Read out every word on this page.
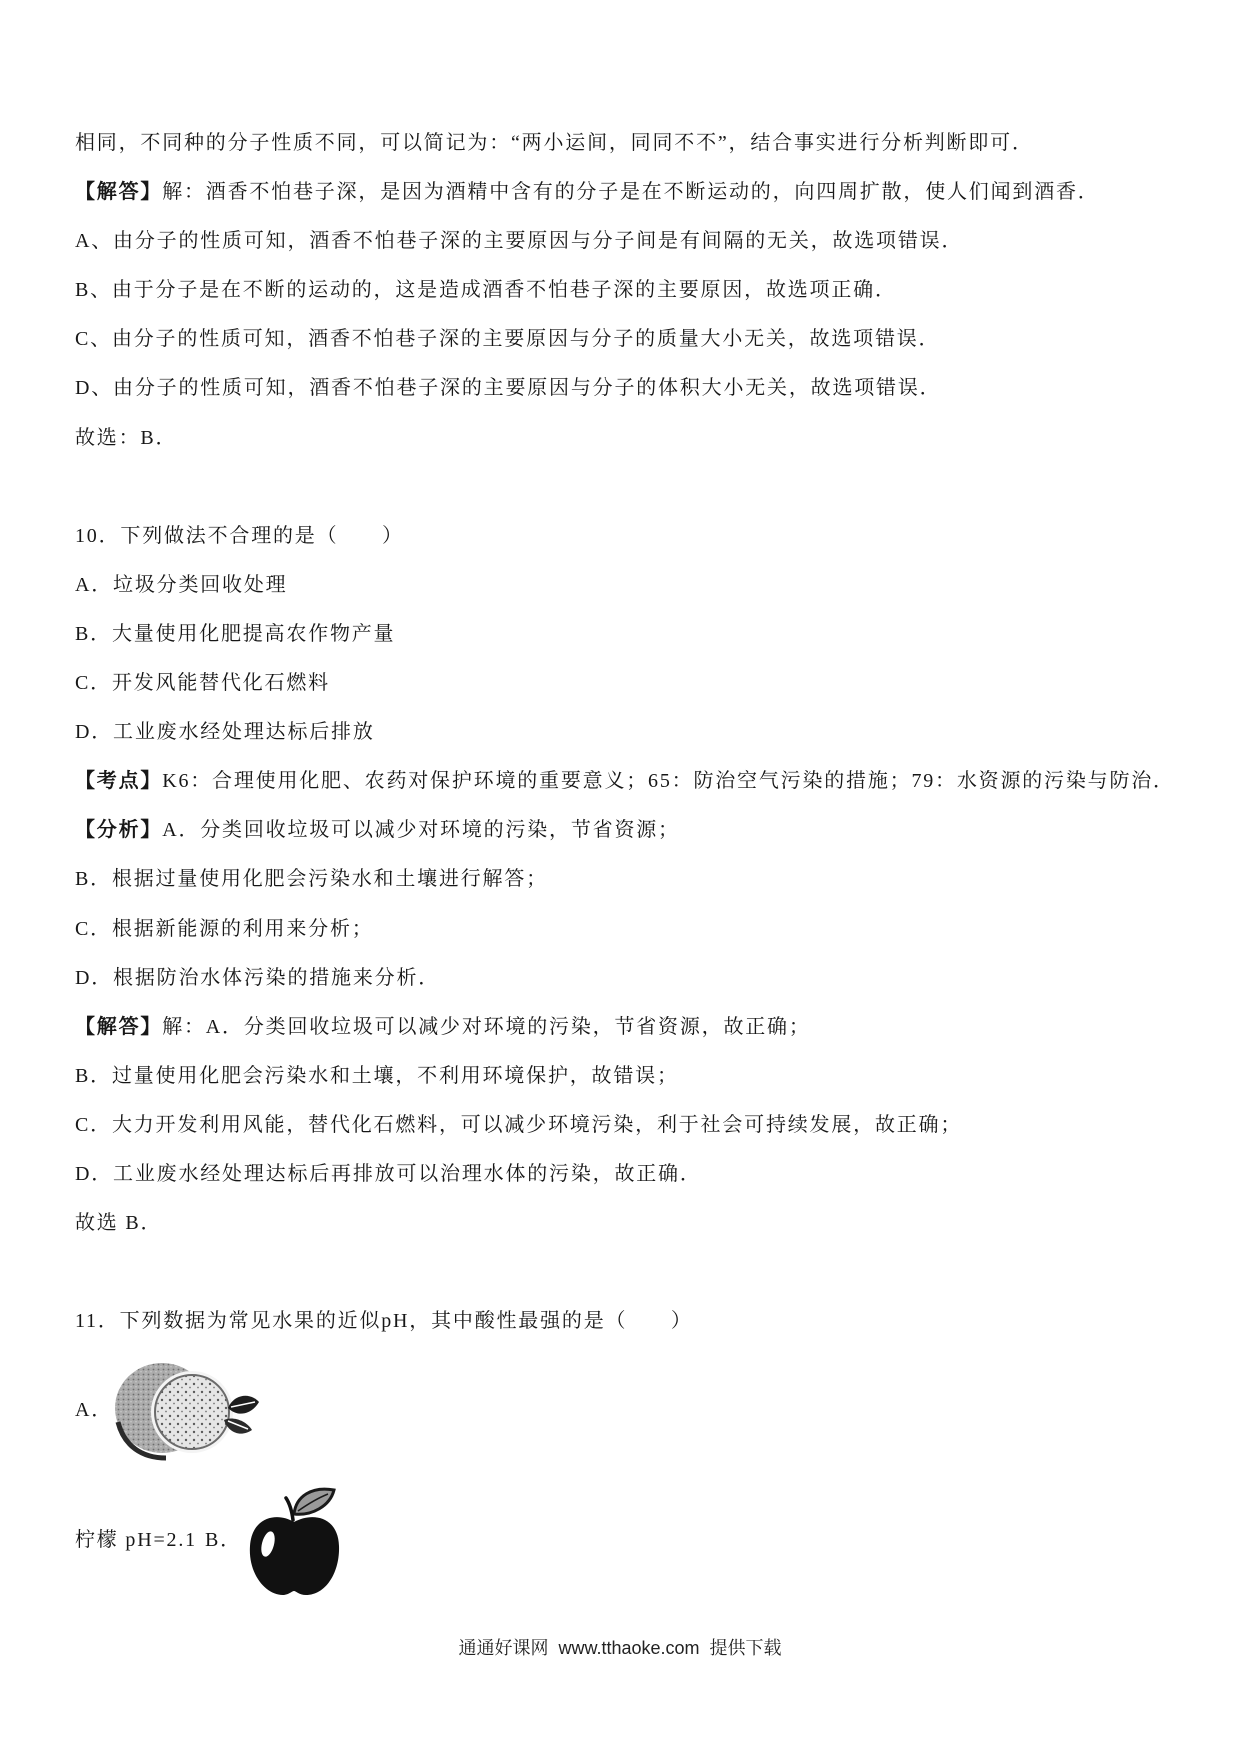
相同，不同种的分子性质不同，可以简记为：“两小运间，同同不不”，结合事实进行分析判断即可．
【解答】解：酒香不怕巷子深，是因为酒精中含有的分子是在不断运动的，向四周扩散，使人们闻到酒香．
A、由分子的性质可知，酒香不怕巷子深的主要原因与分子间是有间隔的无关，故选项错误．
B、由于分子是在不断的运动的，这是造成酒香不怕巷子深的主要原因，故选项正确．
C、由分子的性质可知，酒香不怕巷子深的主要原因与分子的质量大小无关，故选项错误．
D、由分子的性质可知，酒香不怕巷子深的主要原因与分子的体积大小无关，故选项错误．
故选：B．
10．下列做法不合理的是（　　）
A．垃圾分类回收处理
B．大量使用化肥提高农作物产量
C．开发风能替代化石燃料
D．工业废水经处理达标后排放
【考点】K6：合理使用化肥、农药对保护环境的重要意义；65：防治空气污染的措施；79：水资源的污染与防治．
【分析】A．分类回收垃圾可以减少对环境的污染，节省资源；
B．根据过量使用化肥会污染水和土壤进行解答；
C．根据新能源的利用来分析；
D．根据防治水体污染的措施来分析．
【解答】解：A．分类回收垃圾可以减少对环境的污染，节省资源，故正确；
B．过量使用化肥会污染水和土壤，不利用环境保护，故错误；
C．大力开发利用风能，替代化石燃料，可以减少环境污染，利于社会可持续发展，故正确；
D．工业废水经处理达标后再排放可以治理水体的污染，故正确．
故选 B．
11．下列数据为常见水果的近似pH，其中酸性最强的是（　　）
A．
柠檬 pH=2.1 B．
通通好课网 www.tthaoke.com 提供下载
